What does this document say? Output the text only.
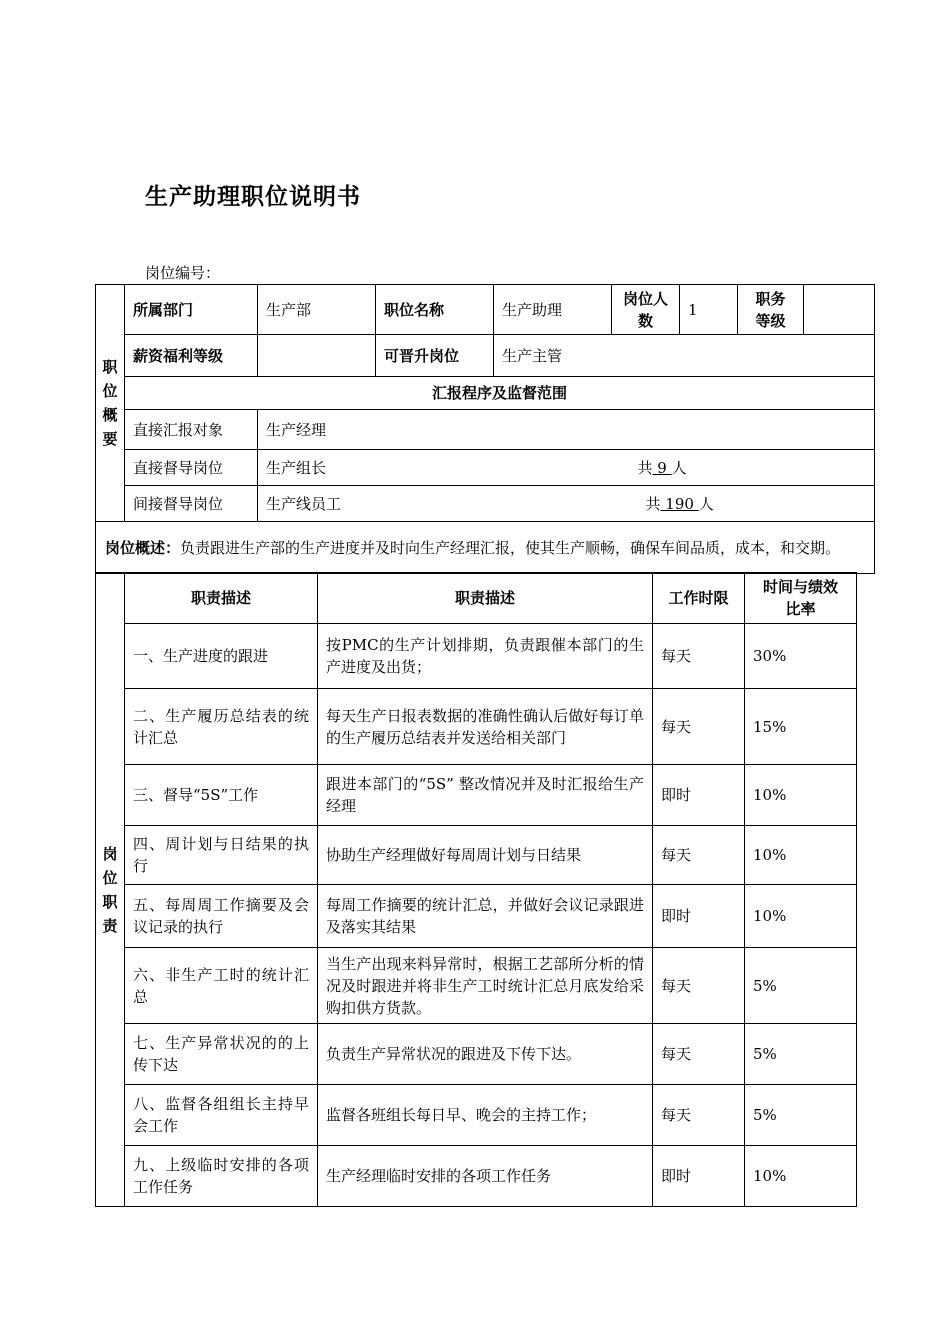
生产助理职位说明书
岗位编号：
职
位
概
要	所属部门	生产部	职位名称	生产助理	岗位人数	1	职务等级	
	薪资福利等级		可晋升岗位	生产主管				
	汇报程序及监督范围							
	直接汇报对象	生产经理						
	直接督导岗位	生产组长 共 9 人						

	间接督导岗位	生产线员工 共 190 人						

岗位概述：负责跟进生产部的生产进度并及时向生产经理汇报，使其生产顺畅，确保车间品质，成本，和交期。								
岗
位
职
责	职责描述	职责描述	工作时限	时间与绩效比率
	一、生产进度的跟进	按PMC的生产计划排期，负责跟催本部门的生产进度及出货；	每天	30%
	二、生产履历总结表的统计汇总	每天生产日报表数据的准确性确认后做好每订单的生产履历总结表并发送给相关部门	每天	15%
	三、督导“5S”工作	跟进本部门的“5S” 整改情况并及时汇报给生产经理	即时	10%
	四、周计划与日结果的执行	协助生产经理做好每周周计划与日结果	每天	10%
	五、每周周工作摘要及会议记录的执行	每周工作摘要的统计汇总，并做好会议记录跟进及落实其结果	即时	10%
	六、非生产工时的统计汇总	当生产出现来料异常时，根据工艺部所分析的情况及时跟进并将非生产工时统计汇总月底发给采购扣供方货款。	每天	5%
	七、生产异常状况的的上传下达	负责生产异常状况的跟进及下传下达。	每天	5%
	八、监督各组组长主持早会工作	监督各班组长每日早、晚会的主持工作；	每天	5%
	九、上级临时安排的各项工作任务	生产经理临时安排的各项工作任务	即时	10%
